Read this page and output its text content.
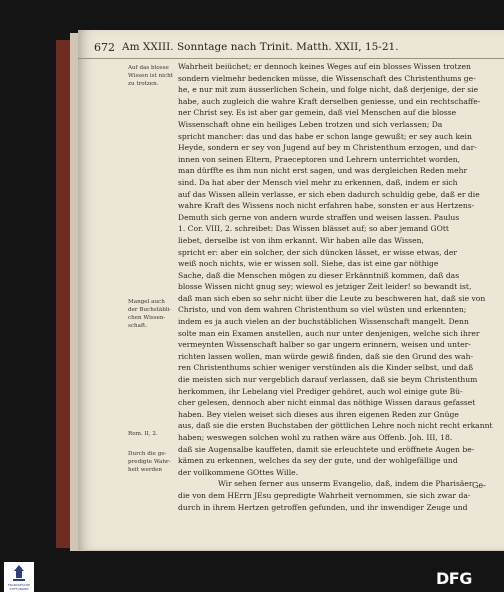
672 Am XXIII. Sonntage nach Trinit. Matth. XXII, 15-21.
Auf das blosse
Wissen ist nicht
zu trotzen.
Mangel auch
der Buchstäbli-
chen Wissen-
schaft.
Rom. II, 2.
Durch die ge-
predigte Wahr-
heit werden
Wahrheit beiüchet; er dennoch keines Weges auf ein blosses Wissen trotzen
sondern vielmehr bedencken müsse, die Wissenschaft des Christenthums ge-
he, e nur mit zum äusserlichen Schein, und folge nicht, daß derjenige, der sie
habe, auch zugleich die wahre Kraft derselben geniesse, und ein rechtschaffe-
ner Christ sey. Es ist aber gar gemein, daß viel Menschen auf die blosse
Wissenschaft ohne ein heiliges Leben trotzen und sich verlassen; Da
spricht mancher: das und das habe er schon lange gewußt; er sey auch kein
Heyde, sondern er sey von Jugend auf bey m Christenthum erzogen, und dar-
innen von seinen Eltern, Praeceptoren und Lehrern unterrichtet worden,
man dürffte es ihm nun nicht erst sagen, und was dergleichen Reden mehr
sind. Da hat aber der Mensch viel mehr zu erkennen, daß, indem er sich
auf das Wissen allein verlasse, er sich eben dadurch schuldig gebe, daß er die
wahre Kraft des Wissens noch nicht erfahren habe, sonsten er aus Hertzens-
Demuth sich gerne von andern wurde straffen und weisen lassen. Paulus
1. Cor. VIII, 2. schreibet: Das Wissen blässet auf; so aber jemand GOtt
liebet, derselbe ist von ihm erkannt. Wir haben alle das Wissen,
spricht er: aber ein solcher, der sich düncken lässet, er wisse etwas, der
weiß noch nichts, wie er wissen soll. Siehe, das ist eine gar nöthige
Sache, daß die Menschen mögen zu dieser Erkänntniß kommen, daß das
blosse Wissen nicht gnug sey; wiewol es jetziger Zeit leider! so bewandt ist,
daß man sich eben so sehr nicht über die Leute zu beschweren hat, daß sie von
Christo, und von dem wahren Christenthum so viel wüsten und erkennten;
indem es ja auch vielen an der buchstäblichen Wissenschaft mangelt. Denn
solte man ein Examen anstellen, auch nur unter denjenigen, welche sich ihrer
vermeynten Wissenschaft halber so gar ungern erinnern, weisen und unter-
richten lassen wollen, man würde gewiß finden, daß sie den Grund des wah-
ren Christenthums schier weniger verstünden als die Kinder selbst, und daß
die meisten sich nur vergeblich darauf verlassen, daß sie beym Christenthum
herkommen, ihr Lebelang viel Prediger gehöret, auch wol einige gute Bü-
cher gelesen, dennoch aber nicht einmal das nöthige Wissen daraus gefasset
haben. Bey vielen weiset sich dieses aus ihren eigenen Reden zur Gnüge
aus, daß sie die ersten Buchstaben der göttlichen Lehre noch nicht recht erkannt
haben; weswegen solchen wohl zu rathen wäre aus Offenb. Joh. III, 18.
daß sie Augensalbe kauffeten, damit sie erleuchtete und eröffnete Augen be-
kämen zu erkennen, welches da sey der gute, und der wohlgefällige und
der vollkommene GOttes Wille.
Wir sehen ferner aus unserm Evangelio, daß, indem die Pharisäer
die von dem HErrn JEsu gepredigte Wahrheit vernommen, sie sich zwar da-
durch in ihrem Hertzen getroffen gefunden, und ihr inwendiger Zeuge und
Ge-
FRANCKESCHE
STIFTUNGEN
DFG
